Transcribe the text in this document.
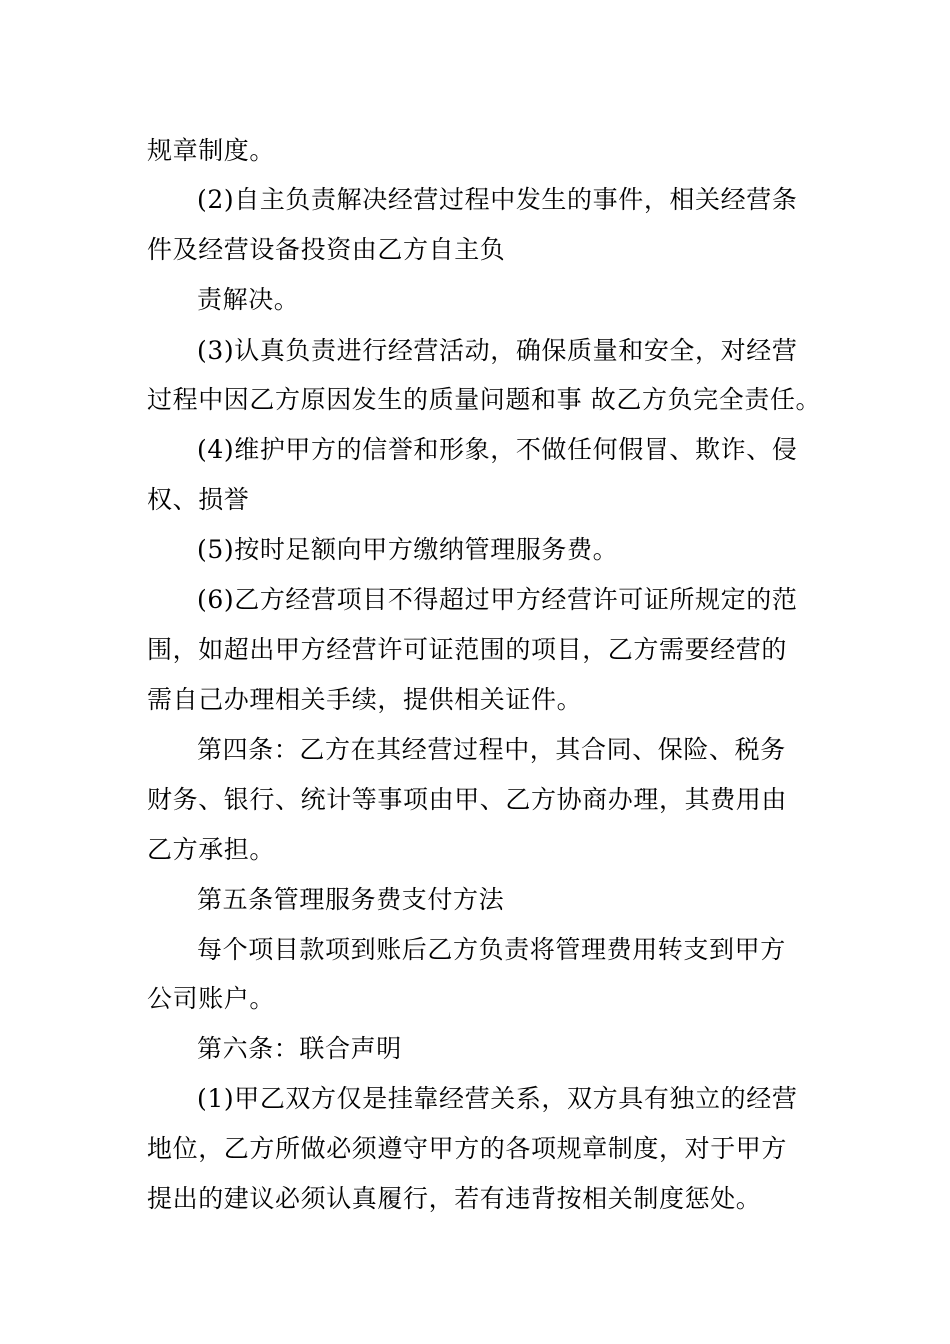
规章制度。
(2)自主负责解决经营过程中发生的事件，相关经营条
件及经营设备投资由乙方自主负
责解决。
(3)认真负责进行经营活动，确保质量和安全，对经营
过程中因乙方原因发生的质量问题和事 故乙方负完全责任。
(4)维护甲方的信誉和形象，不做任何假冒、欺诈、侵
权、损誉
(5)按时足额向甲方缴纳管理服务费。
(6)乙方经营项目不得超过甲方经营许可证所规定的范
围，如超出甲方经营许可证范围的项目，乙方需要经营的
需自己办理相关手续，提供相关证件。
第四条：乙方在其经营过程中，其合同、保险、税务
财务、银行、统计等事项由甲、乙方协商办理，其费用由
乙方承担。
第五条管理服务费支付方法
每个项目款项到账后乙方负责将管理费用转支到甲方
公司账户。
第六条：联合声明
(1)甲乙双方仅是挂靠经营关系，双方具有独立的经营
地位，乙方所做必须遵守甲方的各项规章制度，对于甲方
提出的建议必须认真履行，若有违背按相关制度惩处。
